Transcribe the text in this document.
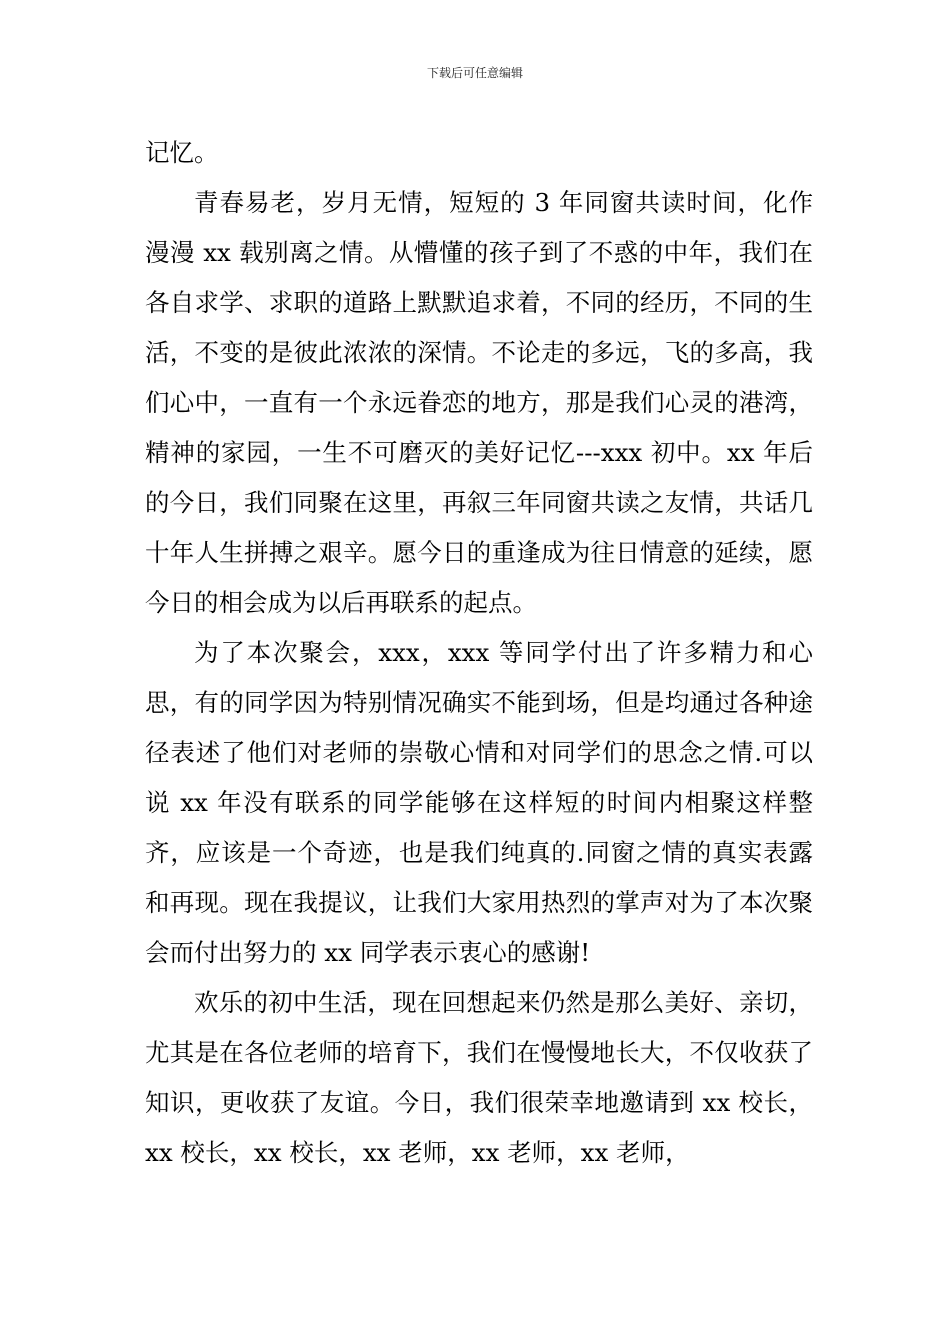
下载后可任意编辑

记忆。

青春易老，岁月无情，短短的 3 年同窗共读时间，化作漫漫 xx 载别离之情。从懵懂的孩子到了不惑的中年，我们在各自求学、求职的道路上默默追求着，不同的经历，不同的生活，不变的是彼此浓浓的深情。不论走的多远，飞的多高，我们心中，一直有一个永远眷恋的地方，那是我们心灵的港湾，精神的家园，一生不可磨灭的美好记忆---xxx 初中。xx 年后的今日，我们同聚在这里，再叙三年同窗共读之友情，共话几十年人生拼搏之艰辛。愿今日的重逢成为往日情意的延续，愿今日的相会成为以后再联系的起点。

为了本次聚会，xxx，xxx 等同学付出了许多精力和心思，有的同学因为特别情况确实不能到场，但是均通过各种途径表述了他们对老师的崇敬心情和对同学们的思念之情.可以说 xx 年没有联系的同学能够在这样短的时间内相聚这样整齐，应该是一个奇迹，也是我们纯真的.同窗之情的真实表露和再现。现在我提议，让我们大家用热烈的掌声对为了本次聚会而付出努力的 xx 同学表示衷心的感谢!

欢乐的初中生活，现在回想起来仍然是那么美好、亲切，尤其是在各位老师的培育下，我们在慢慢地长大，不仅收获了知识，更收获了友谊。今日，我们很荣幸地邀请到 xx 校长，xx 校长，xx 校长，xx 老师，xx 老师，xx 老师，
